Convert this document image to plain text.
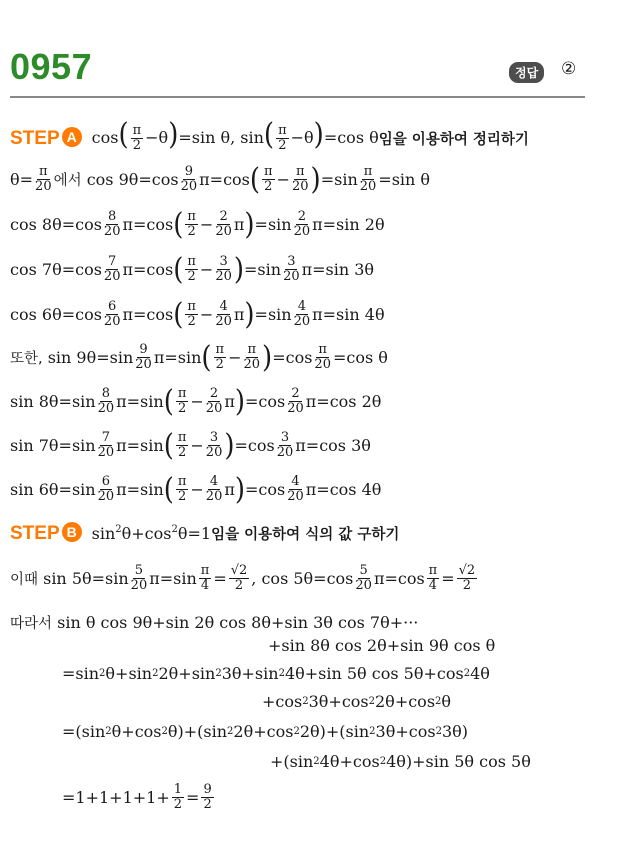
0957	정답	②
STEP A $\cos( \frac{\pi}{2} -\theta)=\sin$ θ, $\sin( \frac{\pi}{2} -\theta)=\cos$ θ 임을 이용하여 정리하기
θ= π
20 에서 cos 9θ=cos 9
20 π=cos ( π
2 − π
20 ) =sin π
20 =sin θ
cos 8θ=cos 8
20 π=cos ( π
2 − 2
20 π ) =sin 2
20 π=sin 2θ
cos 7θ=cos 7
20 π=cos ( π
2 − 3
20 ) =sin 3
20 π=sin 3θ
cos 6θ=cos 6
20 π=cos ( π
2 − 4
20 π ) =sin 4
20 π=sin 4θ
또한, sin 9θ=sin 9
20 π=sin ( π
2 − π
20 ) =cos π
20 =cos θ
sin 8θ=sin 8
20 π=sin ( π
2 − 2
20 π ) =cos 2
20 π=cos 2θ
sin 7θ=sin 7
20 π=sin ( π
2 − 3
20 ) =cos 3
20 π=cos 3θ
sin 6θ=sin 6
20 π=sin ( π
2 − 4
20 π ) =cos 4
20 π=cos 4θ
STEP B $\sin^2\theta+\cos^2\theta=1$ 임을 이용하여 식의 값 구하기
이때 sin 5θ=sin 5
20 π=sin π
4 = √2
2 , cos 5θ=cos 5
20 π=cos π
4 = √2
2
따라서 sin θ cos 9θ+sin 2θ cos 8θ+sin 3θ cos 7θ+···
+sin 8θ cos 2θ+sin 9θ cos θ
=sin 2 θ+sin 2 2θ+sin 2 3θ+sin 2 4θ+sin 5θ cos 5θ+cos 2 4θ
+cos 2 3θ+cos 2 2θ+cos 2 θ
=(sin 2 θ+cos 2 θ)+(sin 2 2θ+cos 2 2θ)+(sin 2 3θ+cos 2 3θ)
+(sin 2 4θ+cos 2 4θ)+sin 5θ cos 5θ
=1+1+1+1+ 1
2 = 9
2
